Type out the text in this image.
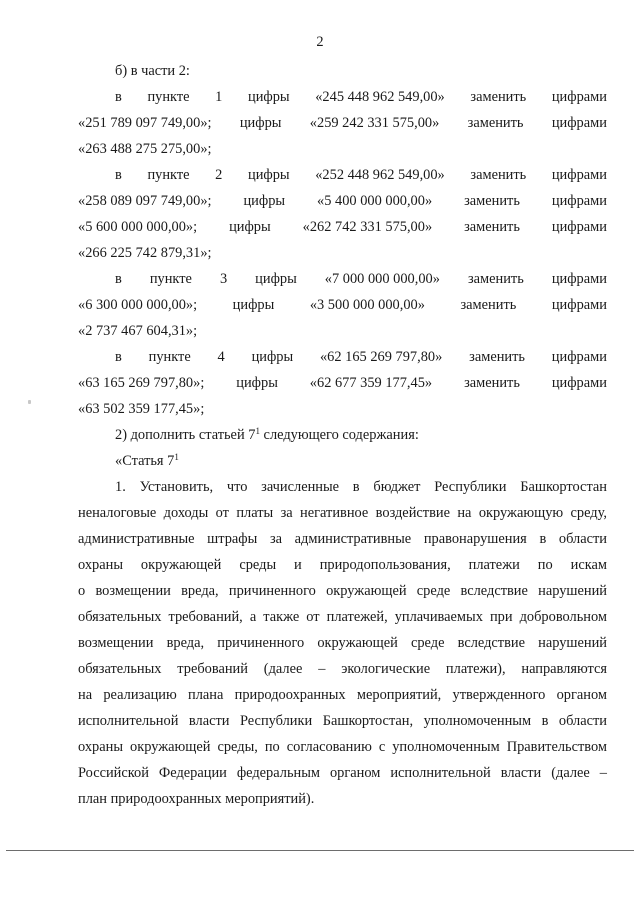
2
б) в части 2:
в пункте 1 цифры «245 448 962 549,00» заменить цифрами
«251 789 097 749,00»; цифры «259 242 331 575,00» заменить цифрами
«263 488 275 275,00»;
в пункте 2 цифры «252 448 962 549,00» заменить цифрами
«258 089 097 749,00»; цифры «5 400 000 000,00» заменить цифрами
«5 600 000 000,00»; цифры «262 742 331 575,00» заменить цифрами
«266 225 742 879,31»;
в пункте 3 цифры «7 000 000 000,00» заменить цифрами
«6 300 000 000,00»; цифры «3 500 000 000,00» заменить цифрами
«2 737 467 604,31»;
в пункте 4 цифры «62 165 269 797,80» заменить цифрами
«63 165 269 797,80»; цифры «62 677 359 177,45» заменить цифрами
«63 502 359 177,45»;
2) дополнить статьей $7^1$ следующего содержания:
«Статья $7^1$
1. Установить, что зачисленные в бюджет Республики Башкортостан
неналоговые доходы от платы за негативное воздействие на окружающую среду,
административные штрафы за административные правонарушения в области
охраны окружающей среды и природопользования, платежи по искам
о возмещении вреда, причиненного окружающей среде вследствие нарушений
обязательных требований, а также от платежей, уплачиваемых при добровольном
возмещении вреда, причиненного окружающей среде вследствие нарушений
обязательных требований (далее – экологические платежи), направляются
на реализацию плана природоохранных мероприятий, утвержденного органом
исполнительной власти Республики Башкортостан, уполномоченным в области
охраны окружающей среды, по согласованию с уполномоченным Правительством
Российской Федерации федеральным органом исполнительной власти (далее –
план природоохранных мероприятий).
